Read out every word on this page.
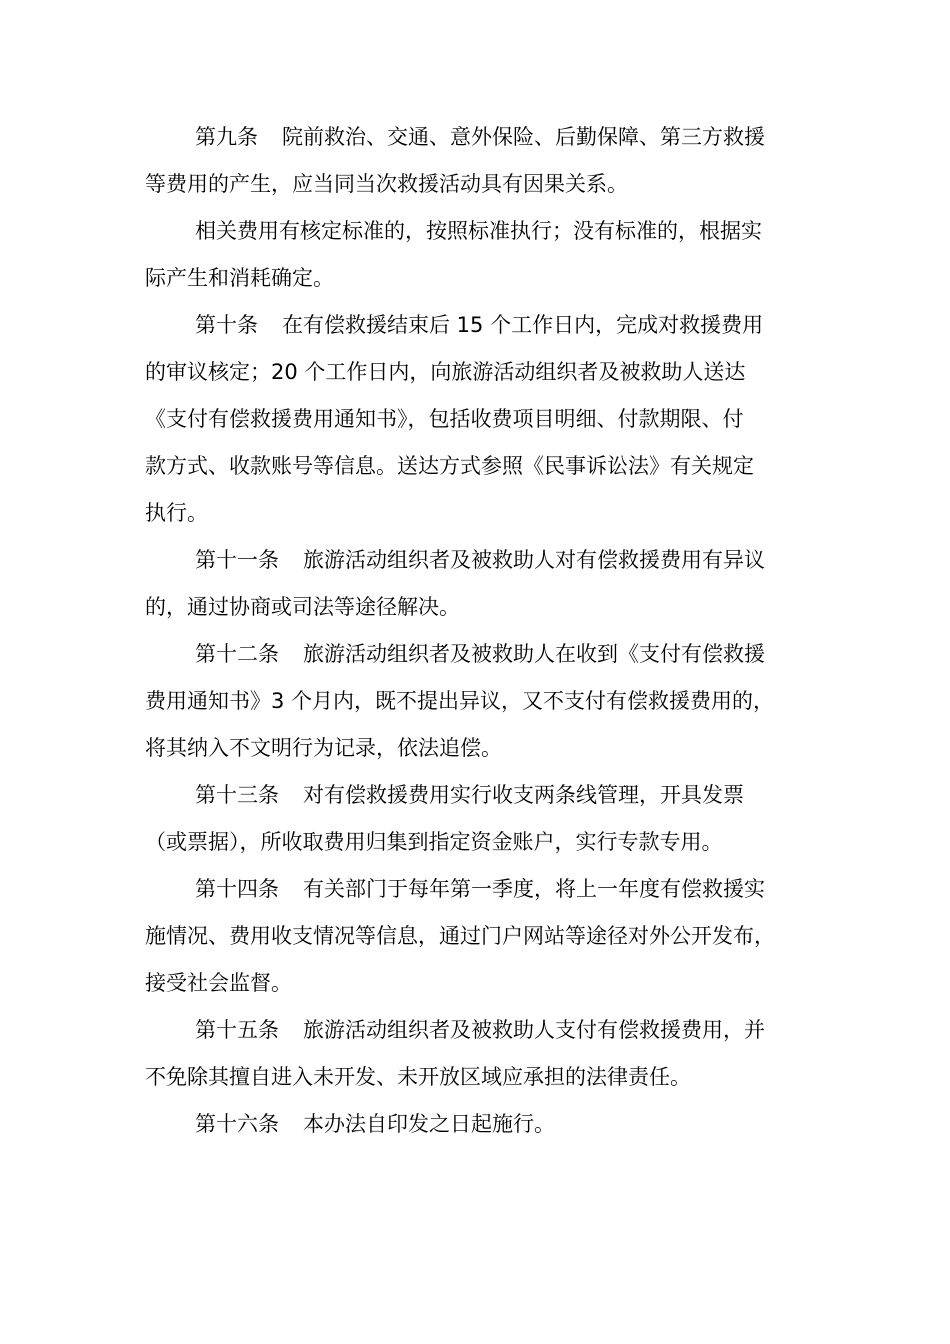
第九条 院前救治、交通、意外保险、后勤保障、第三方救援
等费用的产生，应当同当次救援活动具有因果关系。
相关费用有核定标准的，按照标准执行；没有标准的，根据实
际产生和消耗确定。
第十条 在有偿救援结束后 15 个工作日内，完成对救援费用
的审议核定；20 个工作日内，向旅游活动组织者及被救助人送达
《支付有偿救援费用通知书》，包括收费项目明细、付款期限、付
款方式、收款账号等信息。送达方式参照《民事诉讼法》有关规定
执行。
第十一条 旅游活动组织者及被救助人对有偿救援费用有异议
的，通过协商或司法等途径解决。
第十二条 旅游活动组织者及被救助人在收到《支付有偿救援
费用通知书》3 个月内，既不提出异议，又不支付有偿救援费用的，
将其纳入不文明行为记录，依法追偿。
第十三条 对有偿救援费用实行收支两条线管理，开具发票
（或票据），所收取费用归集到指定资金账户，实行专款专用。
第十四条 有关部门于每年第一季度，将上一年度有偿救援实
施情况、费用收支情况等信息，通过门户网站等途径对外公开发布，
接受社会监督。
第十五条 旅游活动组织者及被救助人支付有偿救援费用，并
不免除其擅自进入未开发、未开放区域应承担的法律责任。
第十六条 本办法自印发之日起施行。
